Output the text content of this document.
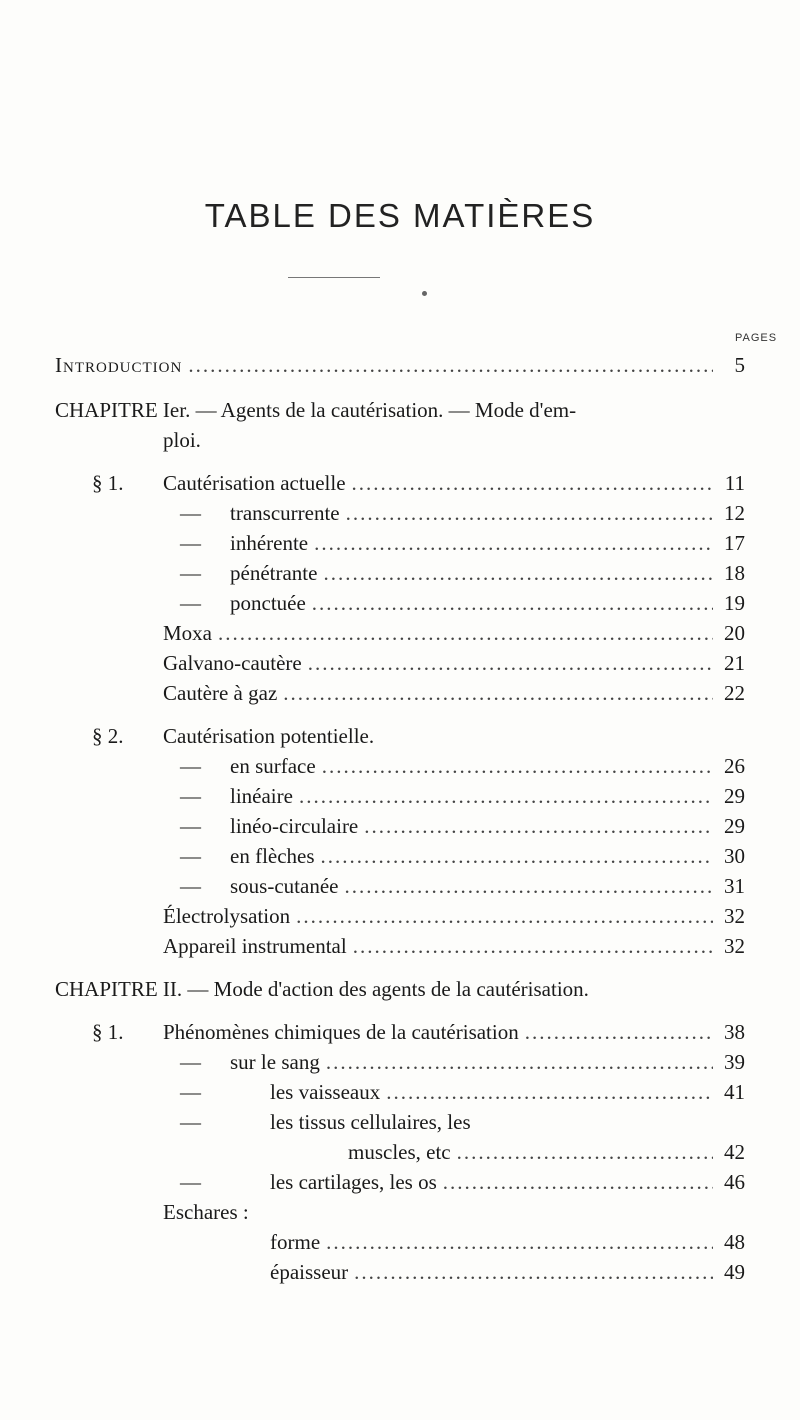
TABLE DES MATIÈRES
PAGES
Introduction .....	5
CHAPITRE Ier. — Agents de la cautérisation. — Mode d'em-
ploi.
§ 1. Cautérisation actuelle .....	11
—	transcurrente .....	12
—	inhérente .....	17
—	pénétrante .....	18
—	ponctuée .....	19
Moxa .....	20
Galvano-cautère .....	21
Cautère à gaz .....	22
§ 2. Cautérisation potentielle.
—	en surface .....	26
—	linéaire .....	29
—	linéo-circulaire .....	29
—	en flèches .....	30
—	sous-cutanée .....	31
Électrolysation .....	32
Appareil instrumental .....	32
CHAPITRE II. — Mode d'action des agents de la cautérisation.
§ 1. Phénomènes chimiques de la cautérisation .....	38
—	sur le sang .....	39
—	les vaisseaux .....	41
—	les tissus cellulaires, les
muscles, etc .....	42
—	les cartilages, les os .....	46
Eschares :
forme .....	48
épaisseur .....	49
